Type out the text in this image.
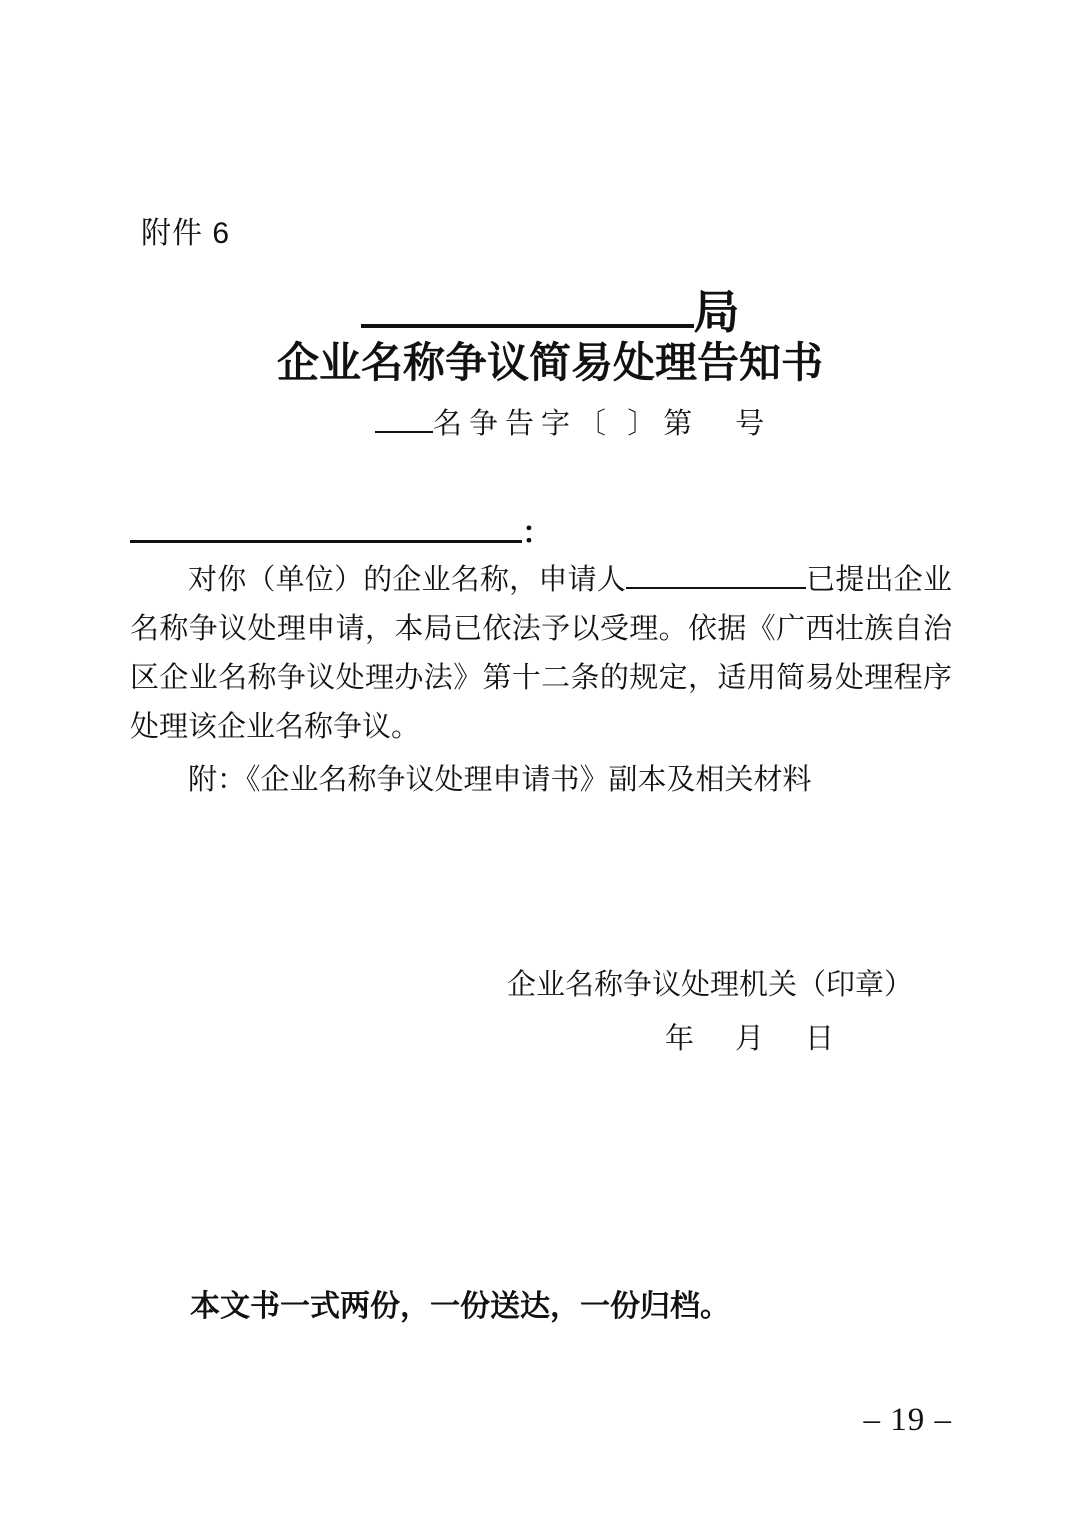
附件 6
局
企业名称争议简易处理告知书
名争告字〔 〕第　号
：

对你（单位）的企业名称，申请人	已提出企业名称争议处理申请，本局已依法予以受理。依据《广西壮族自治区企业名称争议处理办法》第十二条的规定，适用简易处理程序处理该企业名称争议。

附：《企业名称争议处理申请书》副本及相关材料

企业名称争议处理机关（印章）
年　月　日
本文书一式两份，一份送达，一份归档。
– 19 –
